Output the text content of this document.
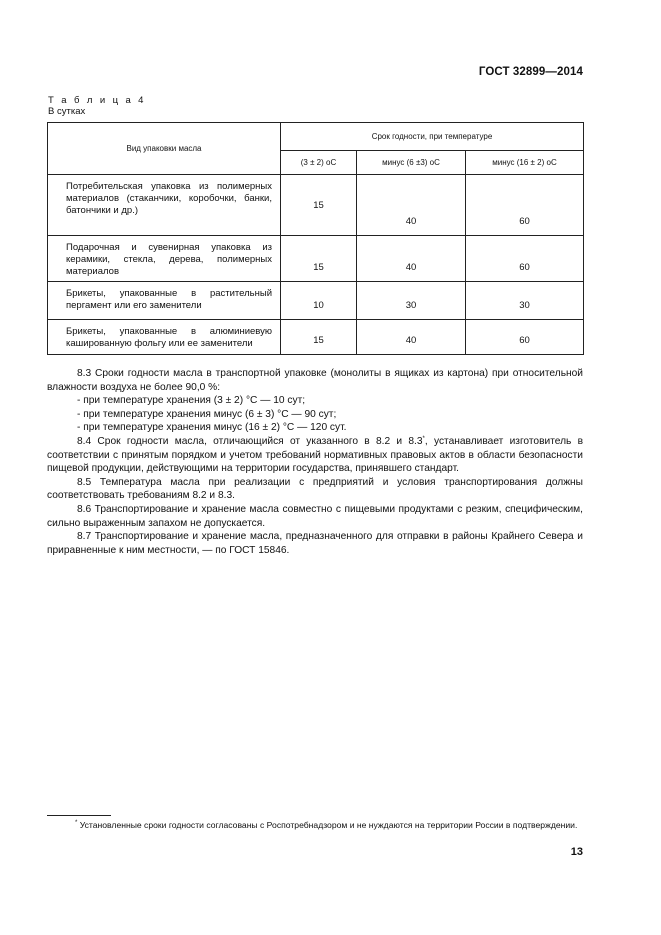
ГОСТ 32899—2014
Т а б л и ц а 4
В сутках
Вид упаковки масла	Срок годности, при температуре		
	(3 ± 2) оС	минус (6 ±3) оС	минус (16 ± 2) оС
Потребительская упаковка из полимерных материалов (стаканчики, коробочки, банки, батончики и др.)	15	40	60
Подарочная и сувенирная упаковка из керамики, стекла, дерева, полимерных материалов	15	40	60
Брикеты, упакованные в растительный пергамент или его заменители	10	30	30
Брикеты, упакованные в алюминиевую кашированную фольгу или ее заменители	15	40	60

8.3 Сроки годности масла в транспортной упаковке (монолиты в ящиках из картона) при относительной влажности воздуха не более 90,0 %:

- при температуре хранения (3 ± 2) °С — 10 сут;

- при температуре хранения минус (6 ± 3) °С — 90 сут;

- при температуре хранения минус (16 ± 2) °С — 120 сут.

8.4 Срок годности масла, отличающийся от указанного в 8.2 и 8.3*, устанавливает изготовитель в соответствии с принятым порядком и учетом требований нормативных правовых актов в области безопасности пищевой продукции, действующими на территории государства, принявшего стандарт.

8.5 Температура масла при реализации с предприятий и условия транспортирования должны соответствовать требованиям 8.2 и 8.3.

8.6 Транспортирование и хранение масла совместно с пищевыми продуктами с резким, специфическим, сильно выраженным запахом не допускается.

8.7 Транспортирование и хранение масла, предназначенного для отправки в районы Крайнего Севера и приравненные к ним местности, — по ГОСТ 15846.

* Установленные сроки годности согласованы с Роспотребнадзором и не нуждаются на территории России в подтверждении.

13
